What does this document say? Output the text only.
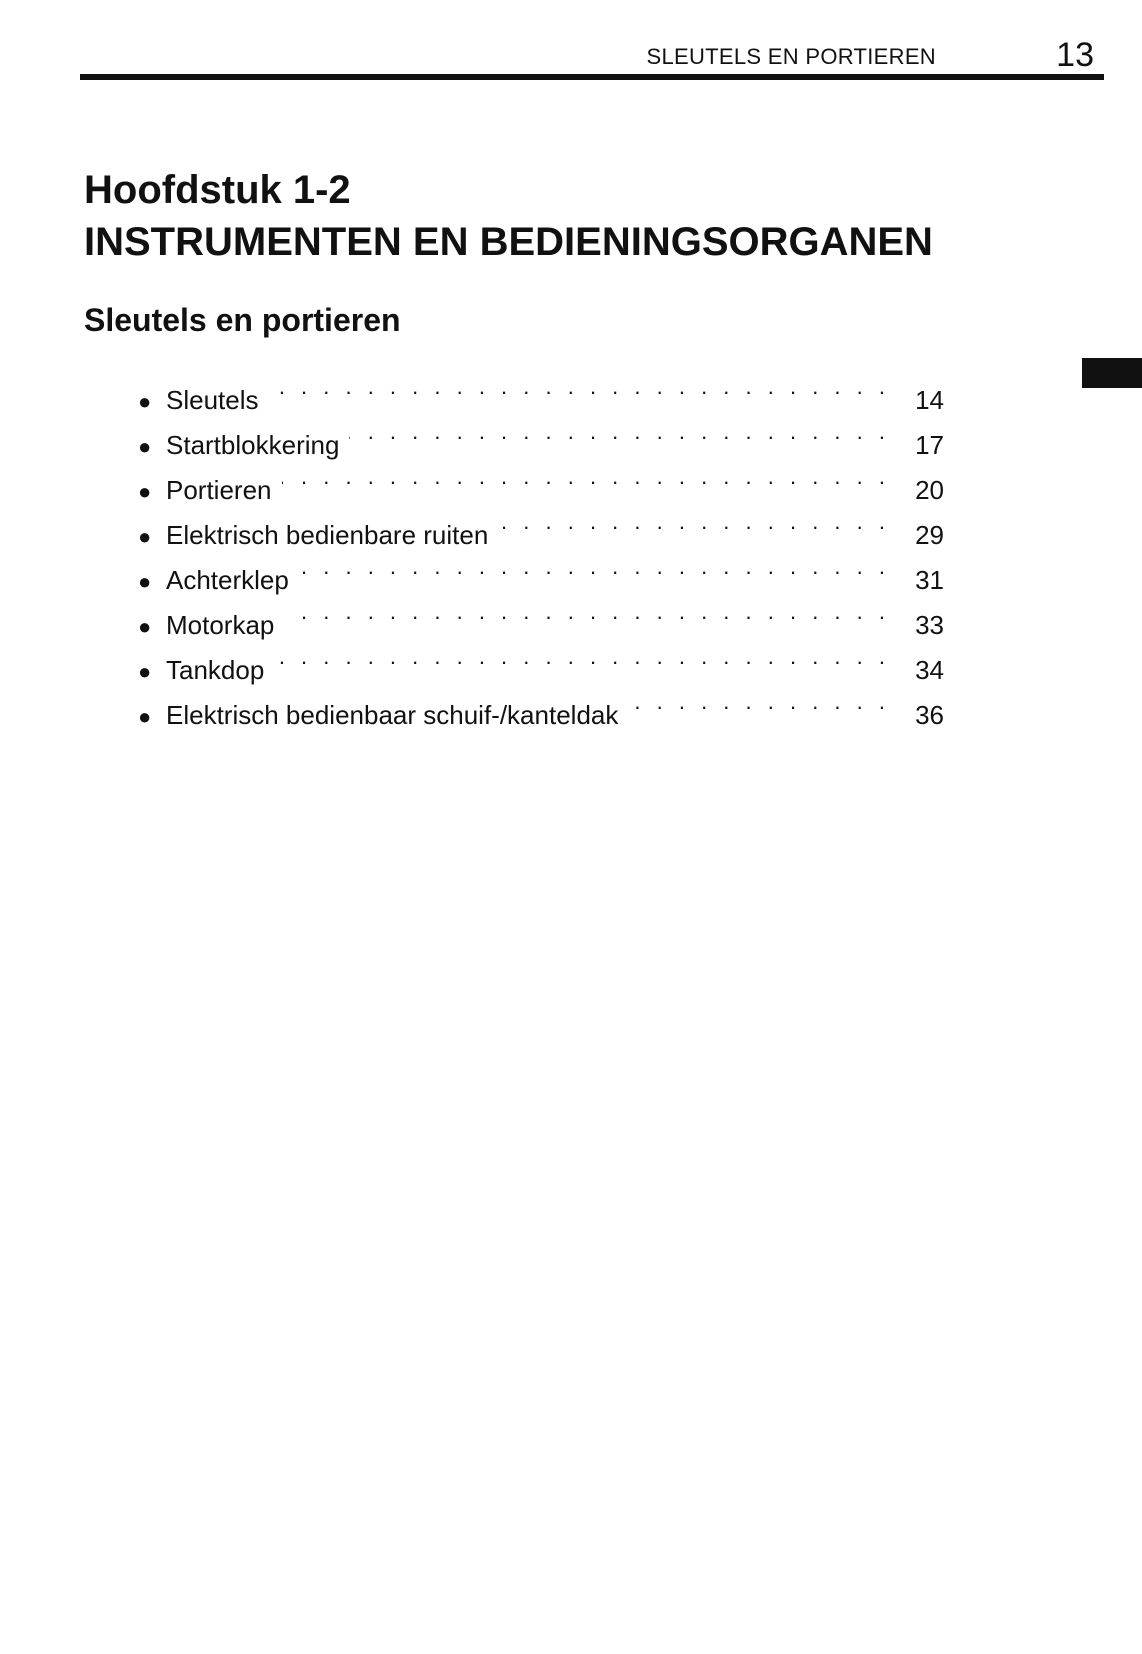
SLEUTELS EN PORTIEREN	13
Hoofdstuk 1-2
INSTRUMENTEN EN BEDIENINGSORGANEN
Sleutels en portieren
● Sleutels . . .	14
● Startblokkering . . .	17
● Portieren . . .	20
● Elektrisch bedienbare ruiten . . .	29
● Achterklep . . .	31
● Motorkap . . .	33
● Tankdop . . .	34
● Elektrisch bedienbaar schuif-/kanteldak . . .	36
